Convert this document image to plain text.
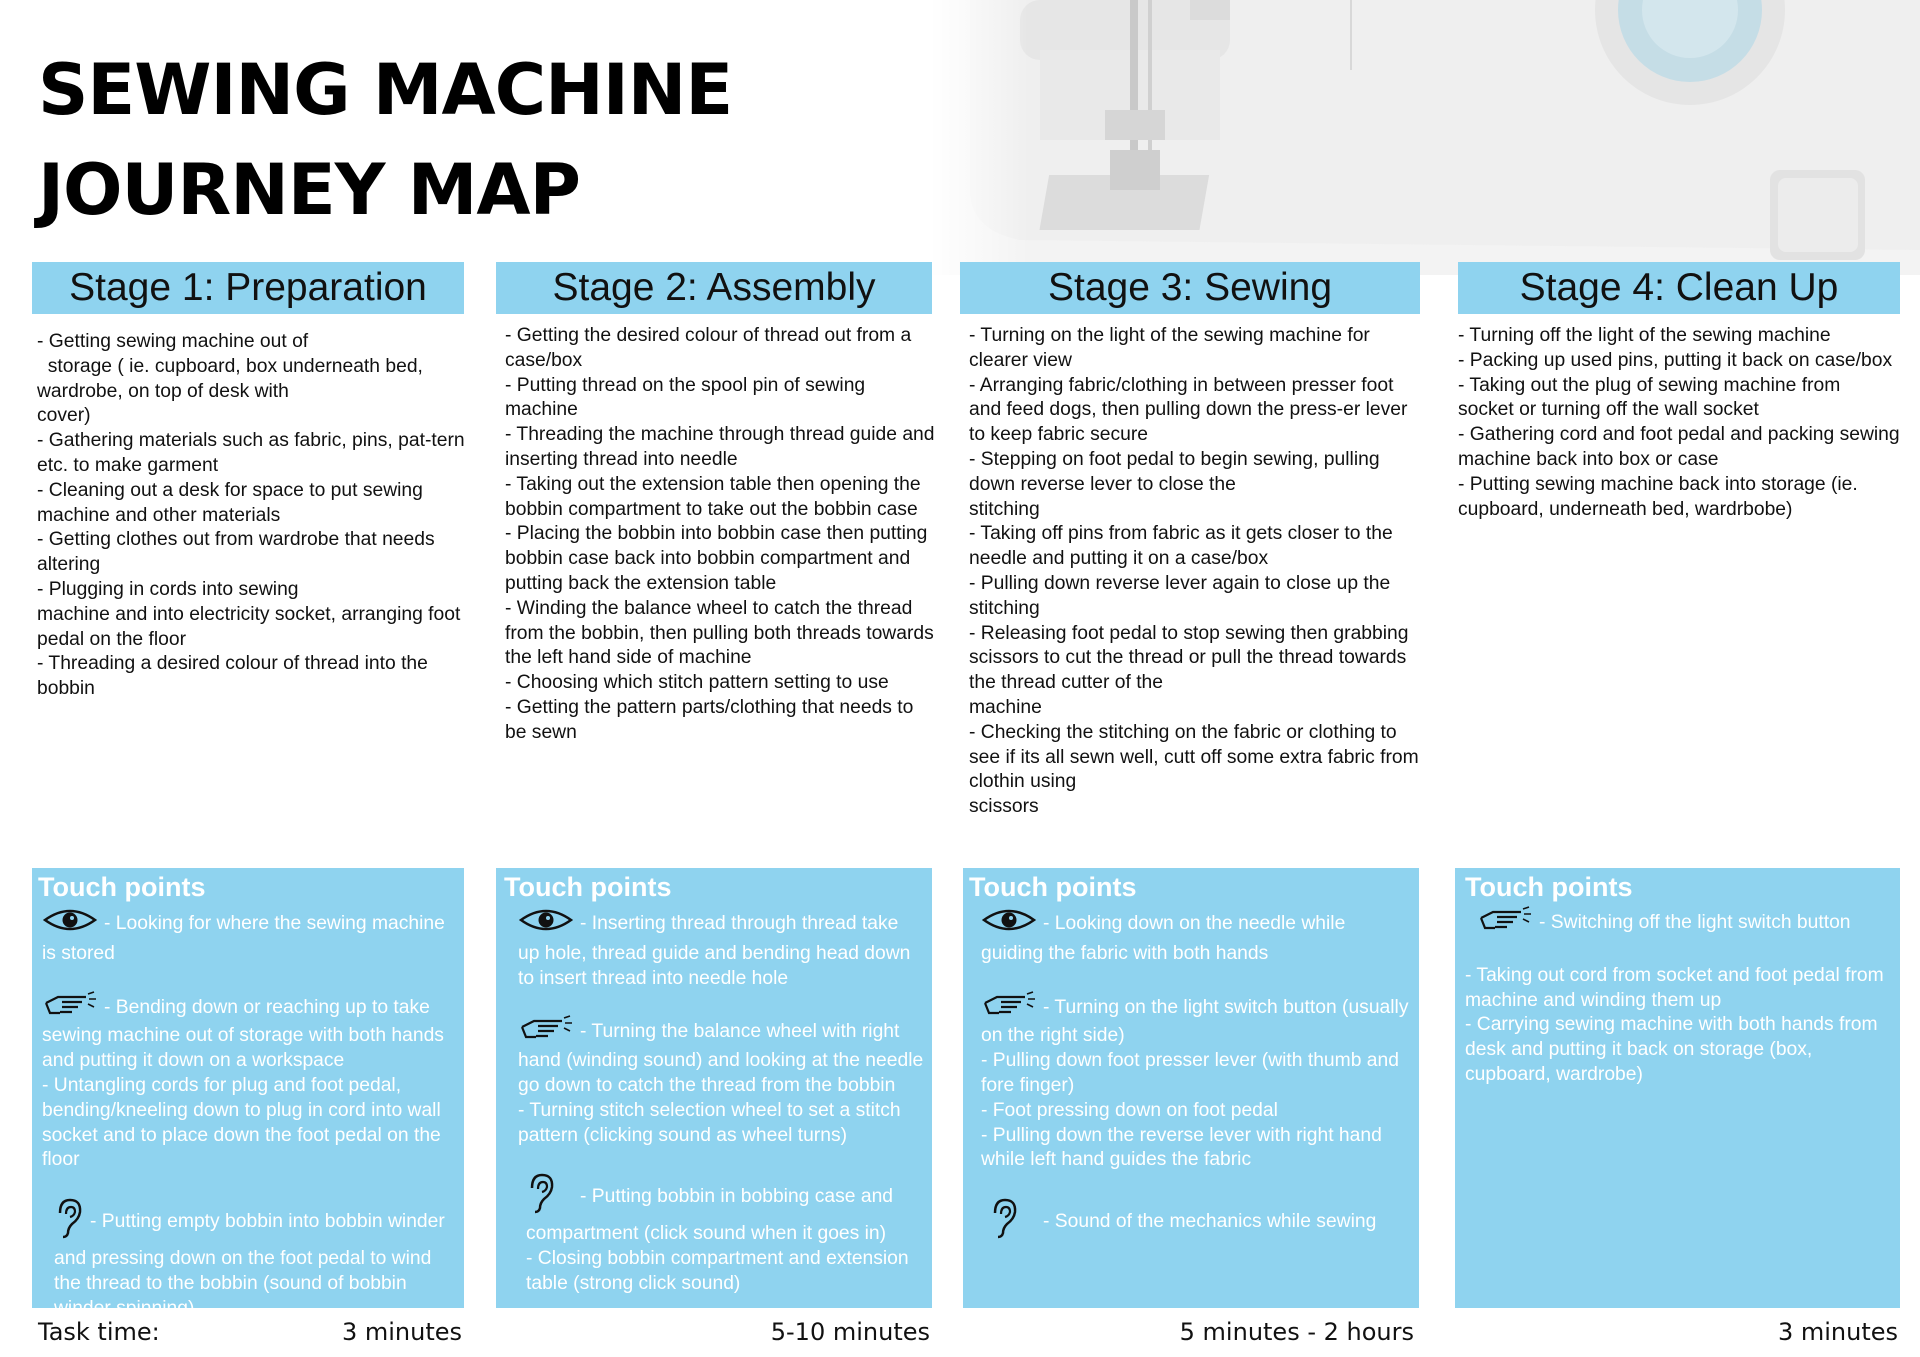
SEWING MACHINE
JOURNEY MAP
Stage 1: Preparation
- Getting sewing machine out of
storage ( ie. cupboard, box underneath bed, wardrobe, on top of desk with
cover)
- Gathering materials such as fabric, pins, pat-tern etc. to make garment
- Cleaning out a desk for space to put sewing machine and other materials
- Getting clothes out from wardrobe that needs altering
- Plugging in cords into sewing
machine and into electricity socket, arranging foot pedal on the floor
- Threading a desired colour of thread into the bobbin
Touch points
- Looking for where the sewing machine is stored
- Bending down or reaching up to take sewing machine out of storage with both hands and putting it down on a workspace
- Untangling cords for plug and foot pedal, bending/kneeling down to plug in cord into wall socket and to place down the foot pedal on the floor
- Putting empty bobbin into bobbin winder and pressing down on the foot pedal to wind the thread to the bobbin (sound of bobbin winder spinning)
Task time:	3 minutes
Stage 2: Assembly
- Getting the desired colour of thread out from a case/box
- Putting thread on the spool pin of sewing machine
- Threading the machine through thread guide and inserting thread into needle
- Taking out the extension table then opening the bobbin compartment to take out the bobbin case
- Placing the bobbin into bobbin case then putting bobbin case back into bobbin compartment and putting back the extension table
- Winding the balance wheel to catch the thread from the bobbin, then pulling both threads towards the left hand side of machine
- Choosing which stitch pattern setting to use
- Getting the pattern parts/clothing that needs to be sewn
Touch points
- Inserting thread through thread take up hole, thread guide and bending head down to insert thread into needle hole
- Turning the balance wheel with right hand (winding sound) and looking at the needle go down to catch the thread from the bobbin
- Turning stitch selection wheel to set a stitch pattern (clicking sound as wheel turns)
- Putting bobbin in bobbing case and compartment (click sound when it goes in)
- Closing bobbin compartment and extension table (strong click sound)
5-10 minutes
Stage 3: Sewing
- Turning on the light of the sewing machine for clearer view
- Arranging fabric/clothing in between presser foot and feed dogs, then pulling down the press-er lever to keep fabric secure
- Stepping on foot pedal to begin sewing, pulling down reverse lever to close the
stitching
- Taking off pins from fabric as it gets closer to the needle and putting it on a case/box
- Pulling down reverse lever again to close up the stitching
- Releasing foot pedal to stop sewing then grabbing scissors to cut the thread or pull the thread towards the thread cutter of the
machine
- Checking the stitching on the fabric or clothing to see if its all sewn well, cutt off some extra fabric from clothin using
scissors
Touch points
- Looking down on the needle while guiding the fabric with both hands
- Turning on the light switch button (usually on the right side)
- Pulling down foot presser lever (with thumb and fore finger)
- Foot pressing down on foot pedal
- Pulling down the reverse lever with right hand while left hand guides the fabric
- Sound of the mechanics while sewing
5 minutes - 2 hours
Stage 4: Clean Up
- Turning off the light of the sewing machine
- Packing up used pins, putting it back on case/box
- Taking out the plug of sewing machine from socket or turning off the wall socket
- Gathering cord and foot pedal and packing sewing machine back into box or case
- Putting sewing machine back into storage (ie. cupboard, underneath bed, wardrbobe)
Touch points
- Switching off the light switch button
- Taking out cord from socket and foot pedal from machine and winding them up
- Carrying sewing machine with both hands from desk and putting it back on storage (box, cupboard, wardrobe)
3 minutes
